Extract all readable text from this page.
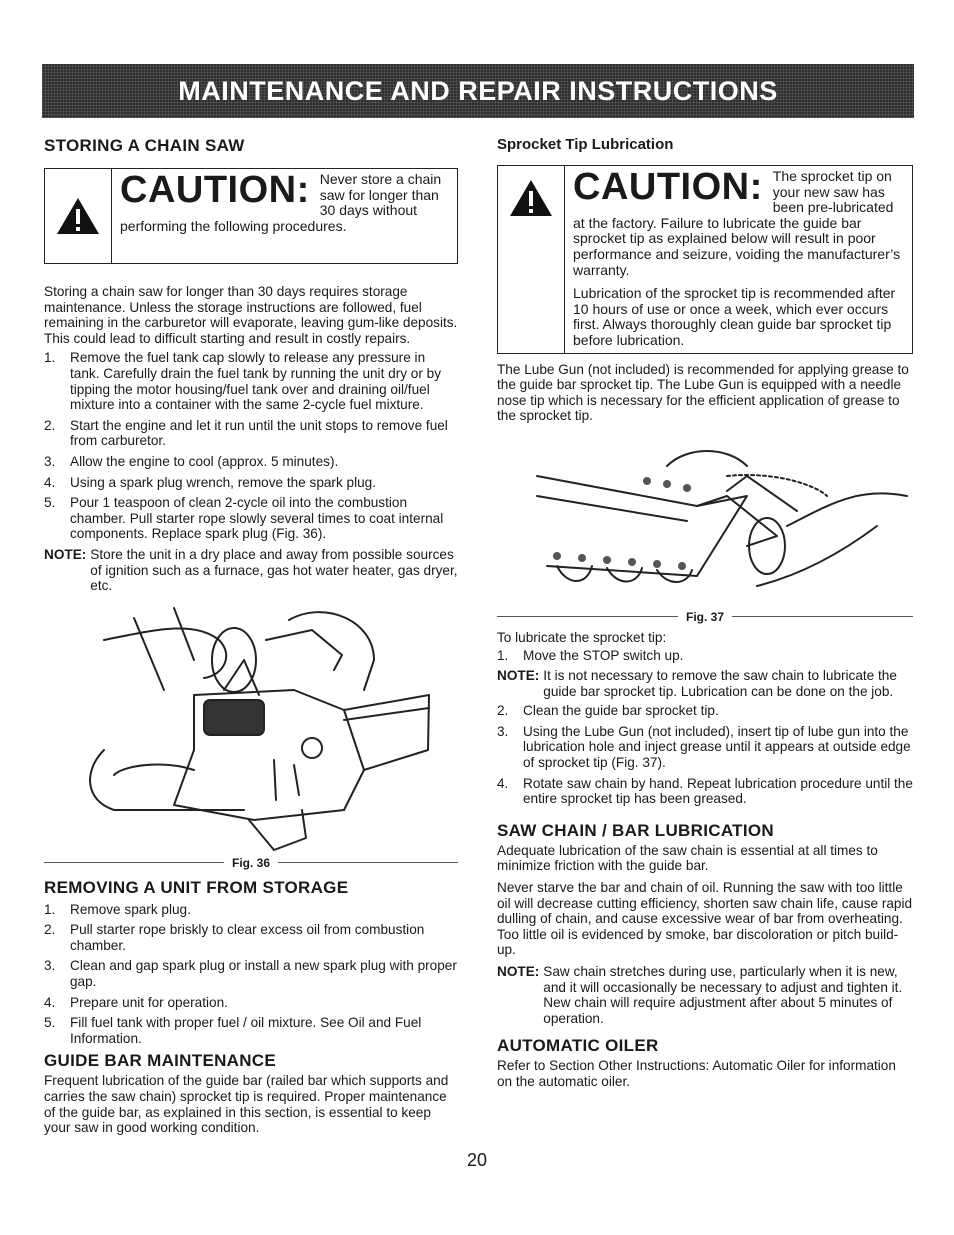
MAINTENANCE AND REPAIR INSTRUCTIONS
STORING A CHAIN SAW
CAUTION: Never store a chain saw for longer than 30 days without performing the following procedures.

Storing a chain saw for longer than 30 days requires storage maintenance. Unless the storage instructions are followed, fuel remaining in the carburetor will evaporate, leaving gum-like deposits. This could lead to difficult starting and result in costly repairs.

1.	Remove the fuel tank cap slowly to release any pressure in tank. Carefully drain the fuel tank by running the unit dry or by tipping the motor housing/fuel tank over and draining oil/fuel mixture into a container with the same 2-cycle fuel mixture.
2.	Start the engine and let it run until the unit stops to remove fuel from carburetor.
3.	Allow the engine to cool (approx. 5 minutes).
4.	Using a spark plug wrench, remove the spark plug.
5.	Pour 1 teaspoon of clean 2-cycle oil into the combustion chamber. Pull starter rope slowly several times to coat internal components. Replace spark plug (Fig. 36).
NOTE: Store the unit in a dry place and away from possible sources of ignition such as a furnace, gas hot water heater, gas dryer, etc.
Fig. 36
REMOVING A UNIT FROM STORAGE
1.	Remove spark plug.
2.	Pull starter rope briskly to clear excess oil from combustion chamber.
3.	Clean and gap spark plug or install a new spark plug with proper gap.
4.	Prepare unit for operation.
5.	Fill fuel tank with proper fuel / oil mixture. See Oil and Fuel Information.
GUIDE BAR MAINTENANCE

Frequent lubrication of the guide bar (railed bar which supports and carries the saw chain) sprocket tip is required. Proper maintenance of the guide bar, as explained in this section, is essential to keep your saw in good working condition.

Sprocket Tip Lubrication
CAUTION: The sprocket tip on your new saw has been pre-lubricated at the factory. Failure to lubricate the guide bar sprocket tip as explained below will result in poor performance and seizure, voiding the manufacturer’s warranty.
Lubrication of the sprocket tip is recommended after 10 hours of use or once a week, which ever occurs first. Always thoroughly clean guide bar sprocket tip before lubrication.

The Lube Gun (not included) is recommended for applying grease to the guide bar sprocket tip. The Lube Gun is equipped with a needle nose tip which is necessary for the efficient application of grease to the sprocket tip.

Fig. 37

To lubricate the sprocket tip:

1.	Move the STOP switch up.
NOTE: It is not necessary to remove the saw chain to lubricate the guide bar sprocket tip. Lubrication can be done on the job.
2.	Clean the guide bar sprocket tip.
3.	Using the Lube Gun (not included), insert tip of lube gun into the lubrication hole and inject grease until it appears at outside edge of sprocket tip (Fig. 37).
4.	Rotate saw chain by hand. Repeat lubrication procedure until the entire sprocket tip has been greased.
SAW CHAIN / BAR LUBRICATION

Adequate lubrication of the saw chain is essential at all times to minimize friction with the guide bar.

Never starve the bar and chain of oil. Running the saw with too little oil will decrease cutting efficiency, shorten saw chain life, cause rapid dulling of chain, and cause excessive wear of bar from overheating. Too little oil is evidenced by smoke, bar discoloration or pitch build-up.

NOTE: Saw chain stretches during use, particularly when it is new, and it will occasionally be necessary to adjust and tighten it. New chain will require adjustment after about 5 minutes of operation.
AUTOMATIC OILER

Refer to Section Other Instructions: Automatic Oiler for information on the automatic oiler.

20
